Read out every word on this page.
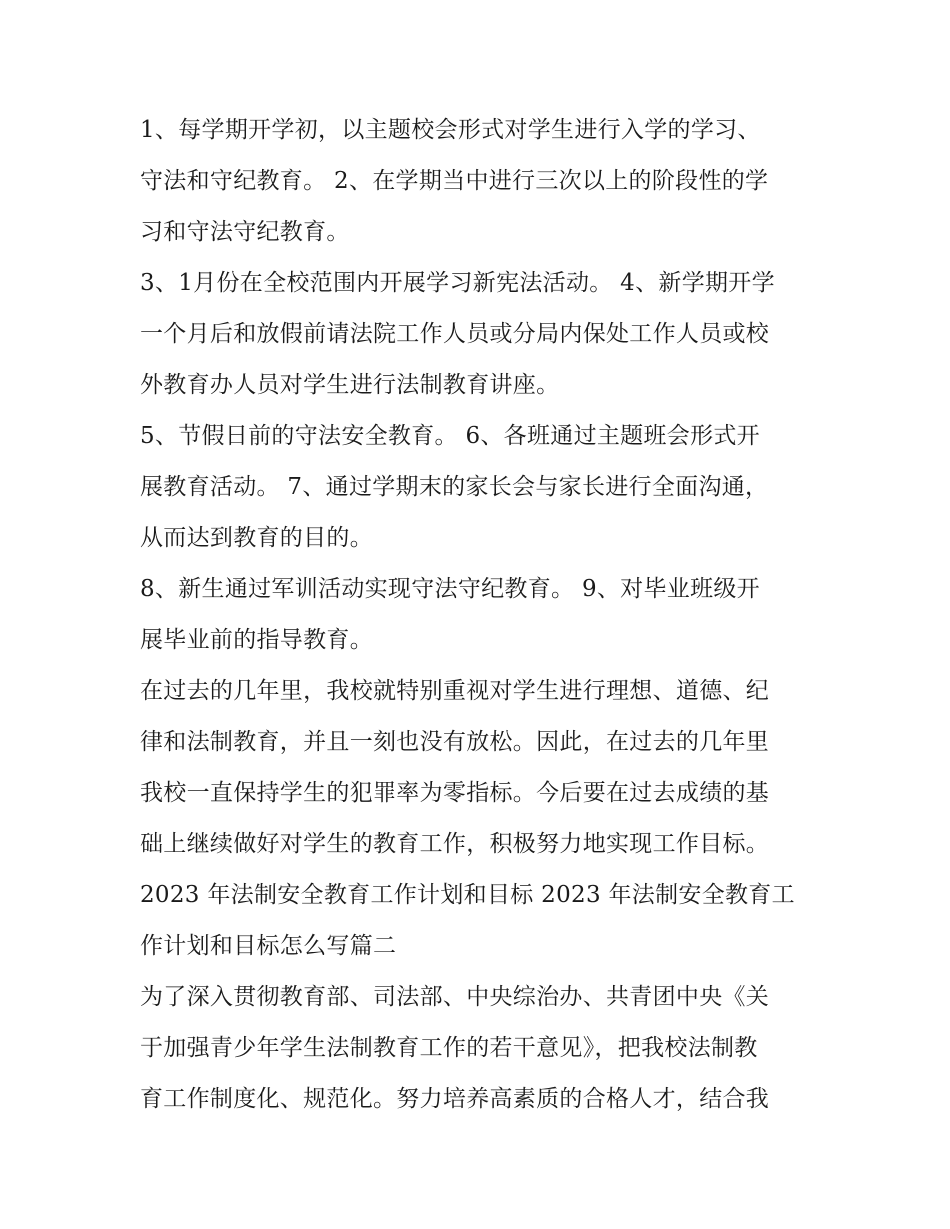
1、每学期开学初，以主题校会形式对学生进行入学的学习、
守法和守纪教育。 2、在学期当中进行三次以上的阶段性的学
习和守法守纪教育。
3、1月份在全校范围内开展学习新宪法活动。 4、新学期开学
一个月后和放假前请法院工作人员或分局内保处工作人员或校
外教育办人员对学生进行法制教育讲座。
5、节假日前的守法安全教育。 6、各班通过主题班会形式开
展教育活动。 7、通过学期末的家长会与家长进行全面沟通，
从而达到教育的目的。
8、新生通过军训活动实现守法守纪教育。 9、对毕业班级开
展毕业前的指导教育。
在过去的几年里，我校就特别重视对学生进行理想、道德、纪
律和法制教育，并且一刻也没有放松。因此，在过去的几年里
我校一直保持学生的犯罪率为零指标。今后要在过去成绩的基
础上继续做好对学生的教育工作，积极努力地实现工作目标。
2023 年法制安全教育工作计划和目标 2023 年法制安全教育工
作计划和目标怎么写篇二
为了深入贯彻教育部、司法部、中央综治办、共青团中央《关
于加强青少年学生法制教育工作的若干意见》，把我校法制教
育工作制度化、规范化。努力培养高素质的合格人才，结合我
